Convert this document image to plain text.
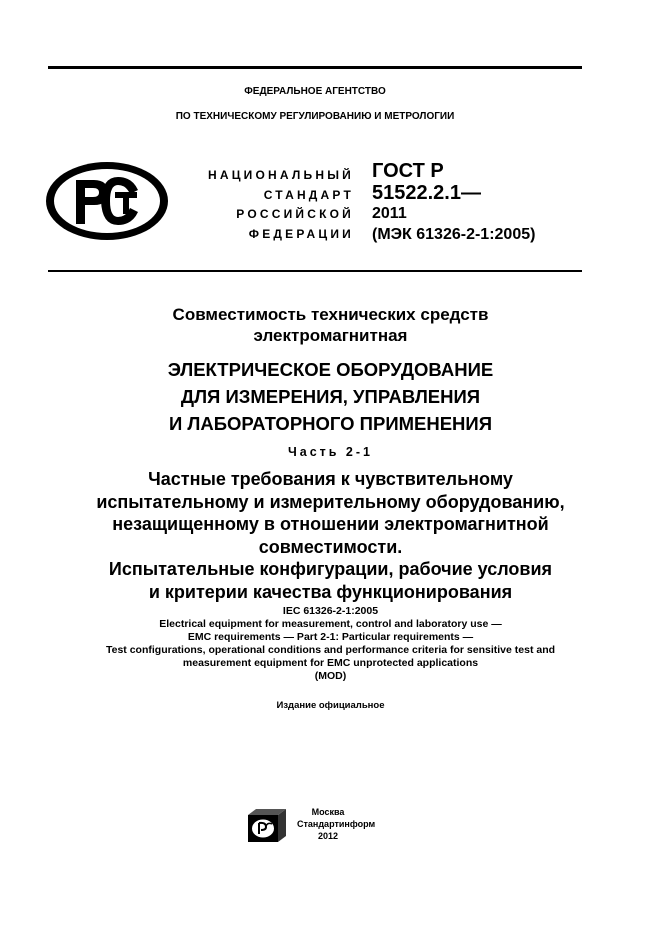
ФЕДЕРАЛЬНОЕ АГЕНТСТВО
ПО ТЕХНИЧЕСКОМУ РЕГУЛИРОВАНИЮ И МЕТРОЛОГИИ
НАЦИОНАЛЬНЫЙ
СТАНДАРТ
РОССИЙСКОЙ
ФЕДЕРАЦИИ
ГОСТ Р
51522.2.1—
2011
(МЭК 61326-2-1:2005)
Совместимость технических средств
электромагнитная
ЭЛЕКТРИЧЕСКОЕ ОБОРУДОВАНИЕ
ДЛЯ ИЗМЕРЕНИЯ, УПРАВЛЕНИЯ
И ЛАБОРАТОРНОГО ПРИМЕНЕНИЯ
Часть 2-1
Частные требования к чувствительному
испытательному и измерительному оборудованию,
незащищенному в отношении электромагнитной
совместимости.
Испытательные конфигурации, рабочие условия
и критерии качества функционирования
IEC 61326-2-1:2005
Electrical equipment for measurement, control and laboratory use —
EMC requirements — Part 2-1: Particular requirements —
Test configurations, operational conditions and performance criteria for sensitive test and
measurement equipment for EMC unprotected applications
(MOD)
Издание официальное
Москва
Стандартинформ
2012
